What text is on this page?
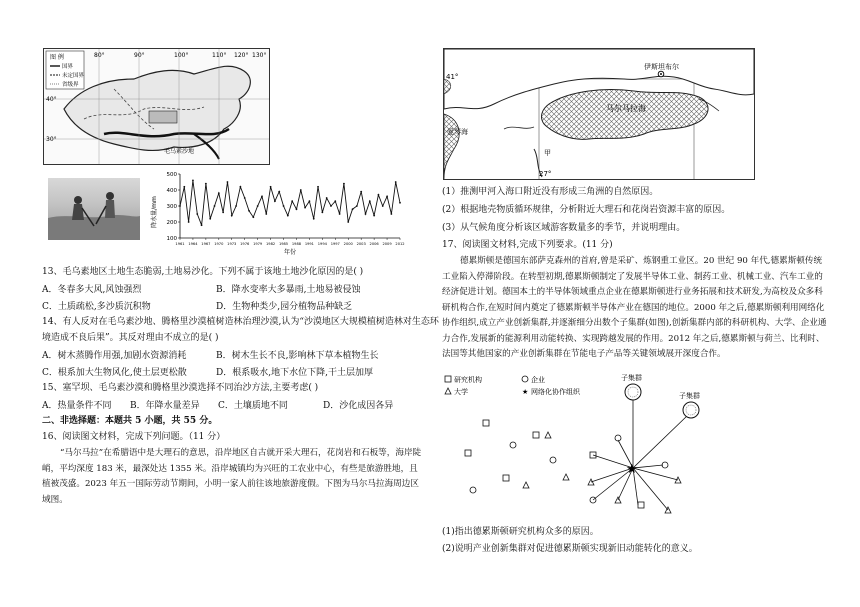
图 例
国界
未定国界
省级界
80°	90°	100°	110° 120° 130°
40°
30°
毛乌素沙地
1961 1964 1967 1970 1973 1976 1979 1982 1985 1988 1991 1994 1997 2000 2003 2006 2009 2012
100
200
300
400
500
降水量/mm
年份
13、毛乌素地区土地生态脆弱,土地易沙化。下列不属于该地土地沙化原因的是( )
A．冬春多大风,风蚀强烈	B．降水变率大多暴雨,土地易被侵蚀
C．土质疏松,多沙质沉积物	D．生物种类少,园分植物品种缺乏
14、有人反对在毛乌素沙地、腾格里沙漠植树造林治理沙漠,认为“沙漠地区大规模植树造林对生态环
境造成不良后果”。其反对理由不成立的是( )
A．树木蒸腾作用强,加剧水资源消耗	B．树木生长不良,影响林下草本植物生长
C．根系加大生物风化,使土层更松散	D．根系吸水,地下水位下降,干土层加厚
15、塞罕坝、毛乌素沙漠和腾格里沙漠选择不同治沙方法,主要考虑( )
A．热量条件不同	B．年降水量差异	C．土壤质地不同	D．沙化成因各异
二、非选择题：本题共 5 小题，共 55 分。
16、阅读图文材料，完成下列问题。（11 分）
“马尔马拉”在希腊语中是大理石的意思，沿岸地区自古就开采大理石，花岗岩和石板等，海岸陡峭，平均深度 183 米，最深处达 1355 米。沿岸城镇均为兴旺的工农业中心，有些是旅游胜地，且植被茂盛。2023 年五一国际劳动节期间，小明一家人前往该地旅游度假。下图为马尔马拉海周边区域图。
伊斯坦布尔
马尔马拉海
爱琴海
41°
27°
甲
(1）推测甲河入海口附近没有形成三角洲的自然原因。
(2）根据地壳物质循环规律，分析附近大理石和花岗岩资源丰富的原因。
(3）从气候角度分析该区域游客数量多的季节，并说明理由。
17、阅读图文材料,完成下列要求。(11 分)
德累斯顿是德国东部萨克森州的首府,曾是采矿、炼钢重工业区。20 世纪 90 年代,德累斯顿传统工业陷入停滞阶段。在转型初期,德累斯顿制定了发展半导体工业、制药工业、机械工业、汽车工业的经济促进计划。德国本土的半导体领域重点企业在德累斯顿进行业务拓展和技术研发,为高校及众多科研机构合作,在短时间内奠定了德累斯顿半导体产业在德国的地位。2000 年之后,德累斯顿利用网络化协作组织,成立产业创新集群,并逐渐细分出数个子集群(如图),创新集群内部的科研机构、大学、企业通力合作,发展新的能源利用动能转换、实现跨越发展的作用。2012 年之后,德累斯顿与荷兰、比利时、法国等其他国家的产业创新集群在节能电子产品等关键领域展开深度合作。
研究机构	企业
大学	★ 网络化协作组织
★
子集群
子集群
(1)指出德累斯顿研究机构众多的原因。
(2)说明产业创新集群对促进德累斯顿实现新旧动能转化的意义。
